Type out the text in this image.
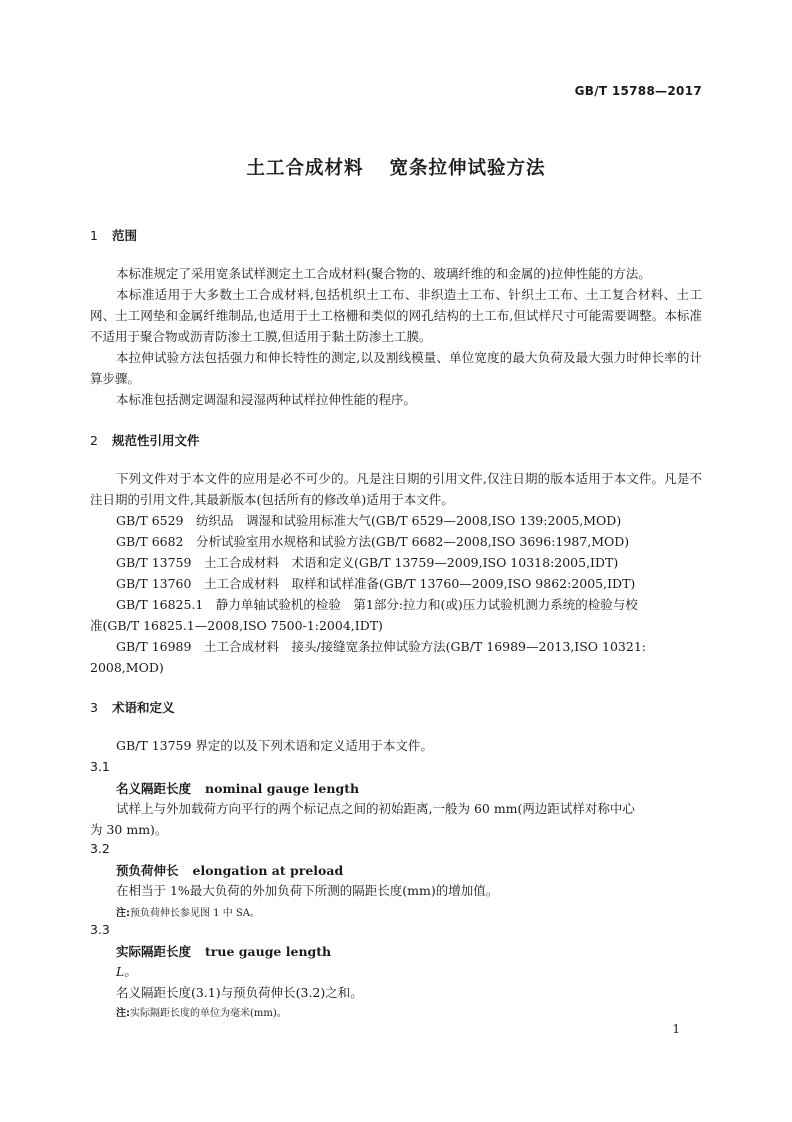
GB/T 15788—2017
土工合成材料 宽条拉伸试验方法
1 范围

本标准规定了采用宽条试样测定土工合成材料(聚合物的、玻璃纤维的和金属的)拉伸性能的方法。

本标准适用于大多数土工合成材料,包括机织土工布、非织造土工布、针织土工布、土工复合材料、土工网、土工网垫和金属纤维制品,也适用于土工格栅和类似的网孔结构的土工布,但试样尺寸可能需要调整。本标准不适用于聚合物或沥青防渗土工膜,但适用于黏土防渗土工膜。

本拉伸试验方法包括强力和伸长特性的测定,以及割线模量、单位宽度的最大负荷及最大强力时伸长率的计算步骤。

本标准包括测定调湿和浸湿两种试样拉伸性能的程序。

2 规范性引用文件

下列文件对于本文件的应用是必不可少的。凡是注日期的引用文件,仅注日期的版本适用于本文件。凡是不注日期的引用文件,其最新版本(包括所有的修改单)适用于本文件。

GB/T 6529　纺织品　调湿和试验用标准大气(GB/T 6529—2008,ISO 139:2005,MOD)
GB/T 6682　分析试验室用水规格和试验方法(GB/T 6682—2008,ISO 3696:1987,MOD)
GB/T 13759　土工合成材料　术语和定义(GB/T 13759—2009,ISO 10318:2005,IDT)
GB/T 13760　土工合成材料　取样和试样准备(GB/T 13760—2009,ISO 9862:2005,IDT)
GB/T 16825.1　静力单轴试验机的检验　第1部分:拉力和(或)压力试验机测力系统的检验与校
准(GB/T 16825.1—2008,ISO 7500-1:2004,IDT)
GB/T 16989　土工合成材料　接头/接缝宽条拉伸试验方法(GB/T 16989—2013,ISO 10321:
2008,MOD)
3 术语和定义
GB/T 13759 界定的以及下列术语和定义适用于本文件。
3.1
名义隔距长度 nominal gauge length
试样上与外加载荷方向平行的两个标记点之间的初始距离,一般为 60 mm(两边距试样对称中心
为 30 mm)。
3.2
预负荷伸长 elongation at preload
在相当于 1%最大负荷的外加负荷下所测的隔距长度(mm)的增加值。
注:预负荷伸长参见图 1 中 SA。
3.3
实际隔距长度 true gauge length
L。
名义隔距长度(3.1)与预负荷伸长(3.2)之和。
注:实际隔距长度的单位为毫米(mm)。
1
